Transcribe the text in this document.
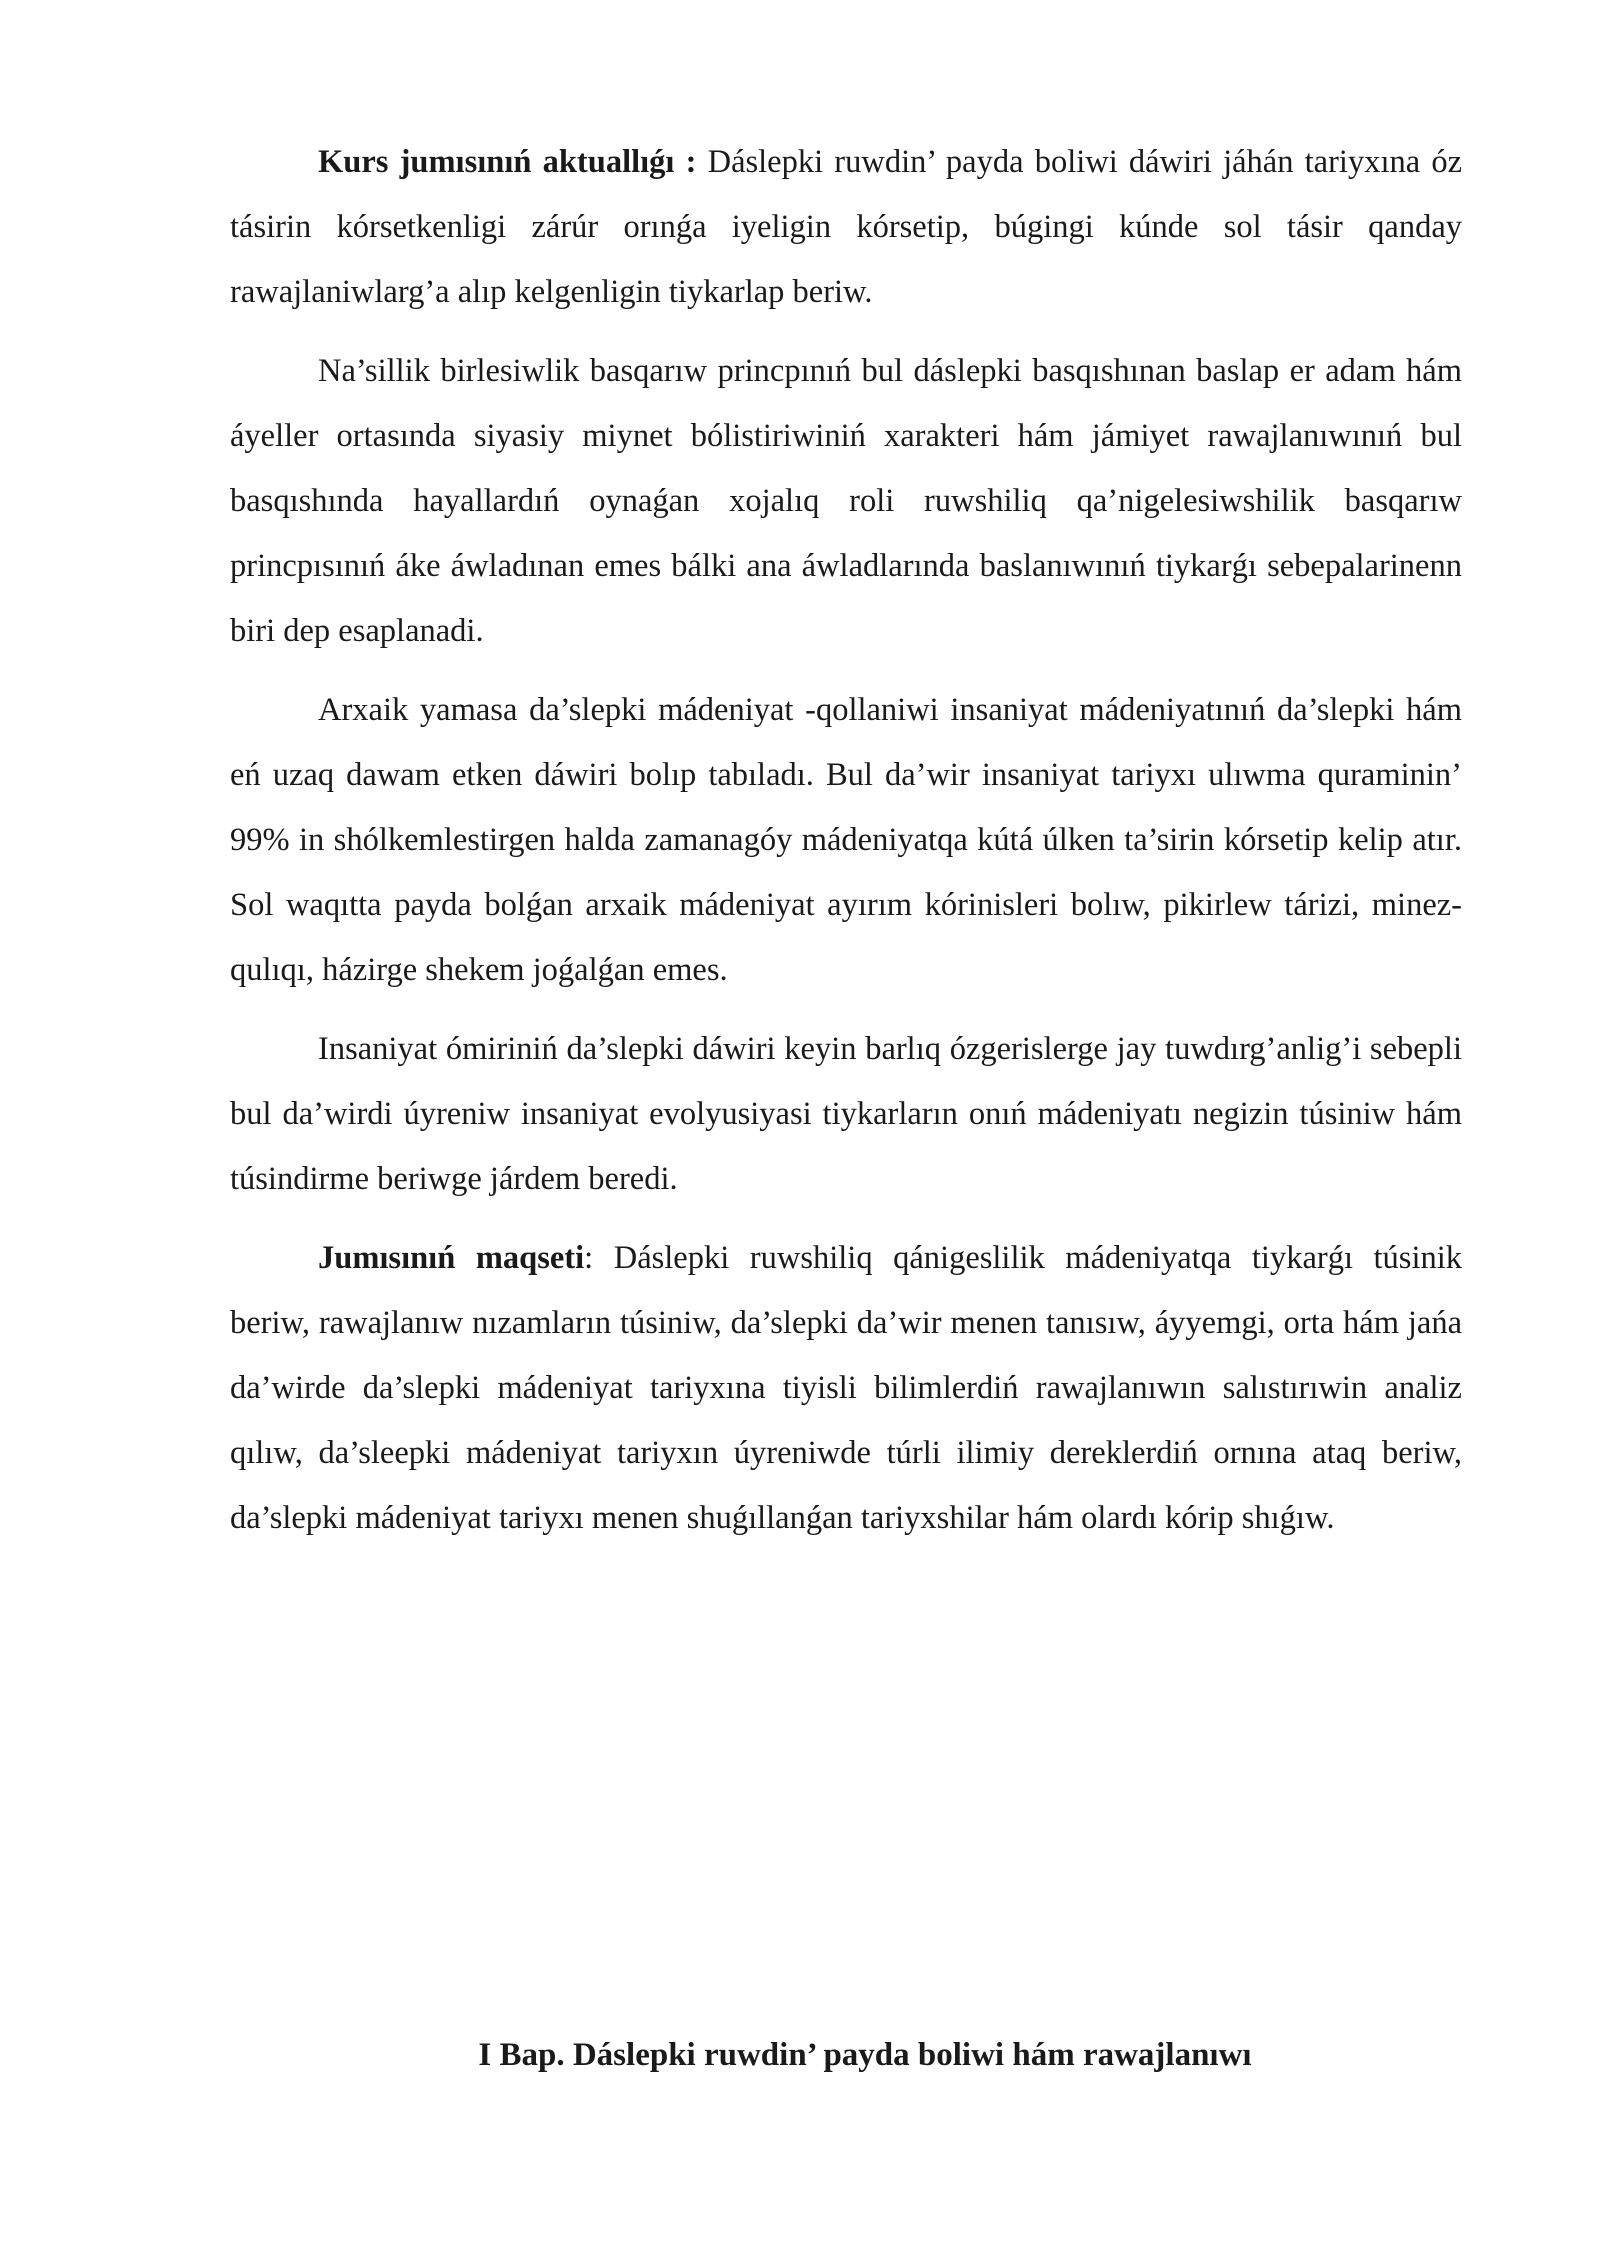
Kurs jumısınıń aktuallıǵı : Dáslepki ruwdin’ payda boliwi dáwiri jáhán tariyxına óz tásirin kórsetkenligi zárúr orınǵa iyeligin kórsetip, búgingi kúnde sol tásir qanday rawajlaniwlarg’a alıp kelgenligin tiykarlap beriw.

Na’sillik birlesiwlik basqarıw princpınıń bul dáslepki basqıshınan baslap er adam hám áyeller ortasında siyasiy miynet bólistiriwiniń xarakteri hám jámiyet rawajlanıwınıń bul basqıshında hayallardıń oynaǵan xojalıq roli ruwshiliq qa’nigelesiwshilik basqarıw princpısınıń áke áwladınan emes bálki ana áwladlarında baslanıwınıń tiykarǵı sebepalarinenn biri dep esaplanadi.

Arxaik yamasa da’slepki mádeniyat -qollaniwi insaniyat mádeniyatınıń da’slepki hám eń uzaq dawam etken dáwiri bolıp tabıladı. Bul da’wir insaniyat tariyxı ulıwma quraminin’ 99% in shólkemlestirgen halda zamanagóy mádeniyatqa kútá úlken ta’sirin kórsetip kelip atır. Sol waqıtta payda bolǵan arxaik mádeniyat ayırım kórinisleri bolıw, pikirlew tárizi, minez-qulıqı, házirge shekem joǵalǵan emes.

Insaniyat ómiriniń da’slepki dáwiri keyin barlıq ózgerislerge jay tuwdırg’anlig’i sebepli bul da’wirdi úyreniw insaniyat evolyusiyasi tiykarların onıń mádeniyatı negizin túsiniw hám túsindirme beriwge járdem beredi.

Jumısınıń maqseti: Dáslepki ruwshiliq qánigeslilik mádeniyatqa tiykarǵı túsinik beriw, rawajlanıw nızamların túsiniw, da’slepki da’wir menen tanısıw, áyyemgi, orta hám jańa da’wirde da’slepki mádeniyat tariyxına tiyisli bilimlerdiń rawajlanıwın salıstırıwin analiz qılıw, da’sleepki mádeniyat tariyxın úyreniwde túrli ilimiy dereklerdiń ornına ataq beriw, da’slepki mádeniyat tariyxı menen shuǵıllanǵan tariyxshilar hám olardı kórip shıǵıw.

I Bap. Dáslepki ruwdin’ payda boliwi hám rawajlanıwı
